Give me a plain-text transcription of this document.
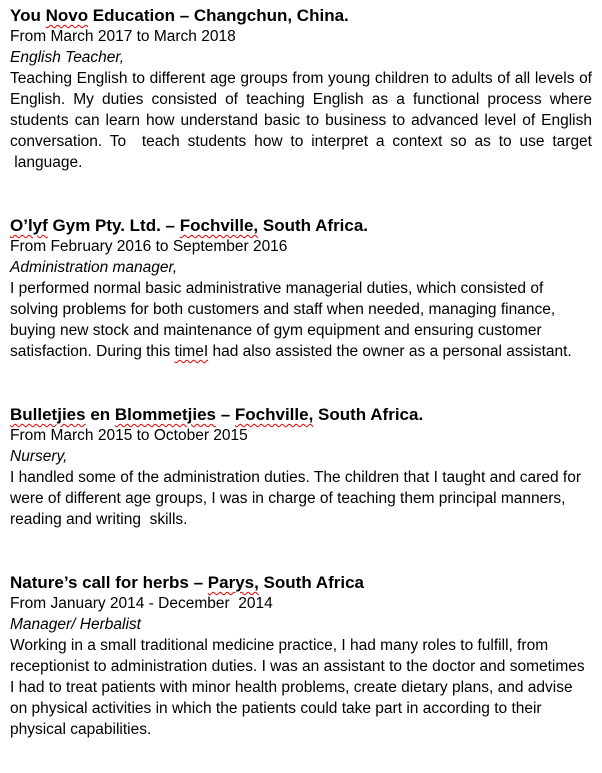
You Novo Education – Changchun, China.
From March 2017 to March 2018
English Teacher,
Teaching English to different age groups from young children to adults of all levels of English. My duties consisted of teaching English as a functional process where students can learn how understand basic to business to advanced level of English conversation. To  teach students how to interpret a context so as to use target  language.
O’lyf Gym Pty. Ltd. – Fochville, South Africa.
From February 2016 to September 2016
Administration manager,
I performed normal basic administrative managerial duties, which consisted of solving problems for both customers and staff when needed, managing finance, buying new stock and maintenance of gym equipment and ensuring customer satisfaction. During this timeI had also assisted the owner as a personal assistant.
Bulletjies en Blommetjies – Fochville, South Africa.
From March 2015 to October 2015
Nursery,
I handled some of the administration duties. The children that I taught and cared for were of different age groups, I was in charge of teaching them principal manners, reading and writing  skills.
Nature’s call for herbs – Parys, South Africa
From January 2014 - December  2014
Manager/ Herbalist
Working in a small traditional medicine practice, I had many roles to fulfill, from receptionist to administration duties. I was an assistant to the doctor and sometimes I had to treat patients with minor health problems, create dietary plans, and advise on physical activities in which the patients could take part in according to their physical capabilities.
